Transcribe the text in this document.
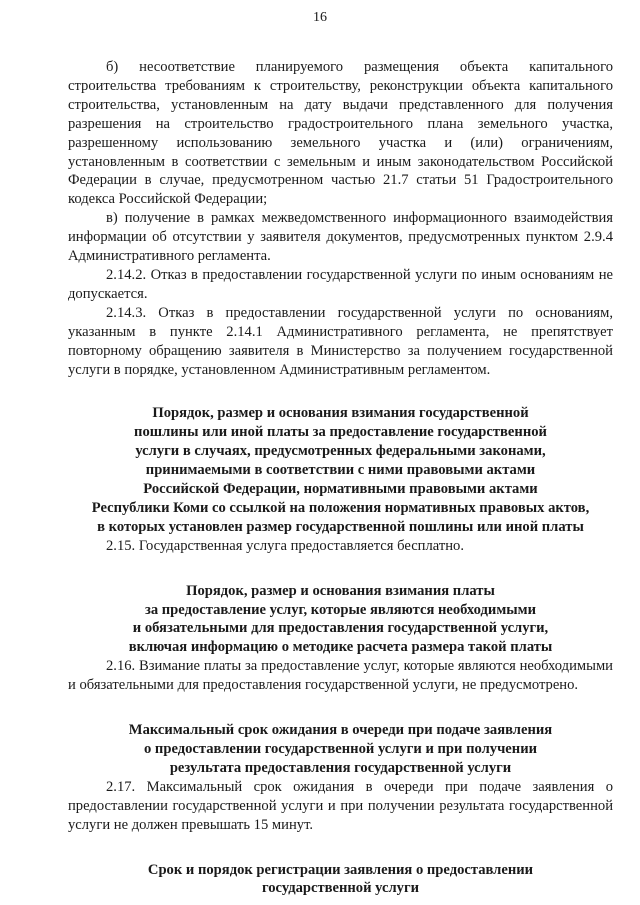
16

б) несоответствие планируемого размещения объекта капитального строительства требованиям к строительству, реконструкции объекта капитального строительства, установленным на дату выдачи представленного для получения разрешения на строительство градостроительного плана земельного участка, разрешенному использованию земельного участка и (или) ограничениям, установленным в соответствии с земельным и иным законодательством Российской Федерации в случае, предусмотренном частью 21.7 статьи 51 Градостроительного кодекса Российской Федерации;

в) получение в рамках межведомственного информационного взаимодействия информации об отсутствии у заявителя документов, предусмотренных пунктом 2.9.4 Административного регламента.

2.14.2. Отказ в предоставлении государственной услуги по иным основаниям не допускается.

2.14.3. Отказ в предоставлении государственной услуги по основаниям, указанным в пункте 2.14.1 Административного регламента, не препятствует повторному обращению заявителя в Министерство за получением государственной услуги в порядке, установленном Административным регламентом.

Порядок, размер и основания взимания государственной
пошлины или иной платы за предоставление государственной
услуги в случаях, предусмотренных федеральными законами,
принимаемыми в соответствии с ними правовыми актами
Российской Федерации, нормативными правовыми актами
Республики Коми со ссылкой на положения нормативных правовых актов,
в которых установлен размер государственной пошлины или иной платы

2.15. Государственная услуга предоставляется бесплатно.

Порядок, размер и основания взимания платы
за предоставление услуг, которые являются необходимыми
и обязательными для предоставления государственной услуги,
включая информацию о методике расчета размера такой платы

2.16. Взимание платы за предоставление услуг, которые являются необходимыми и обязательными для предоставления государственной услуги, не предусмотрено.

Максимальный срок ожидания в очереди при подаче заявления
о предоставлении государственной услуги и при получении
результата предоставления государственной услуги

2.17. Максимальный срок ожидания в очереди при подаче заявления о предоставлении государственной услуги и при получении результата государственной услуги не должен превышать 15 минут.

Срок и порядок регистрации заявления о предоставлении
государственной услуги
